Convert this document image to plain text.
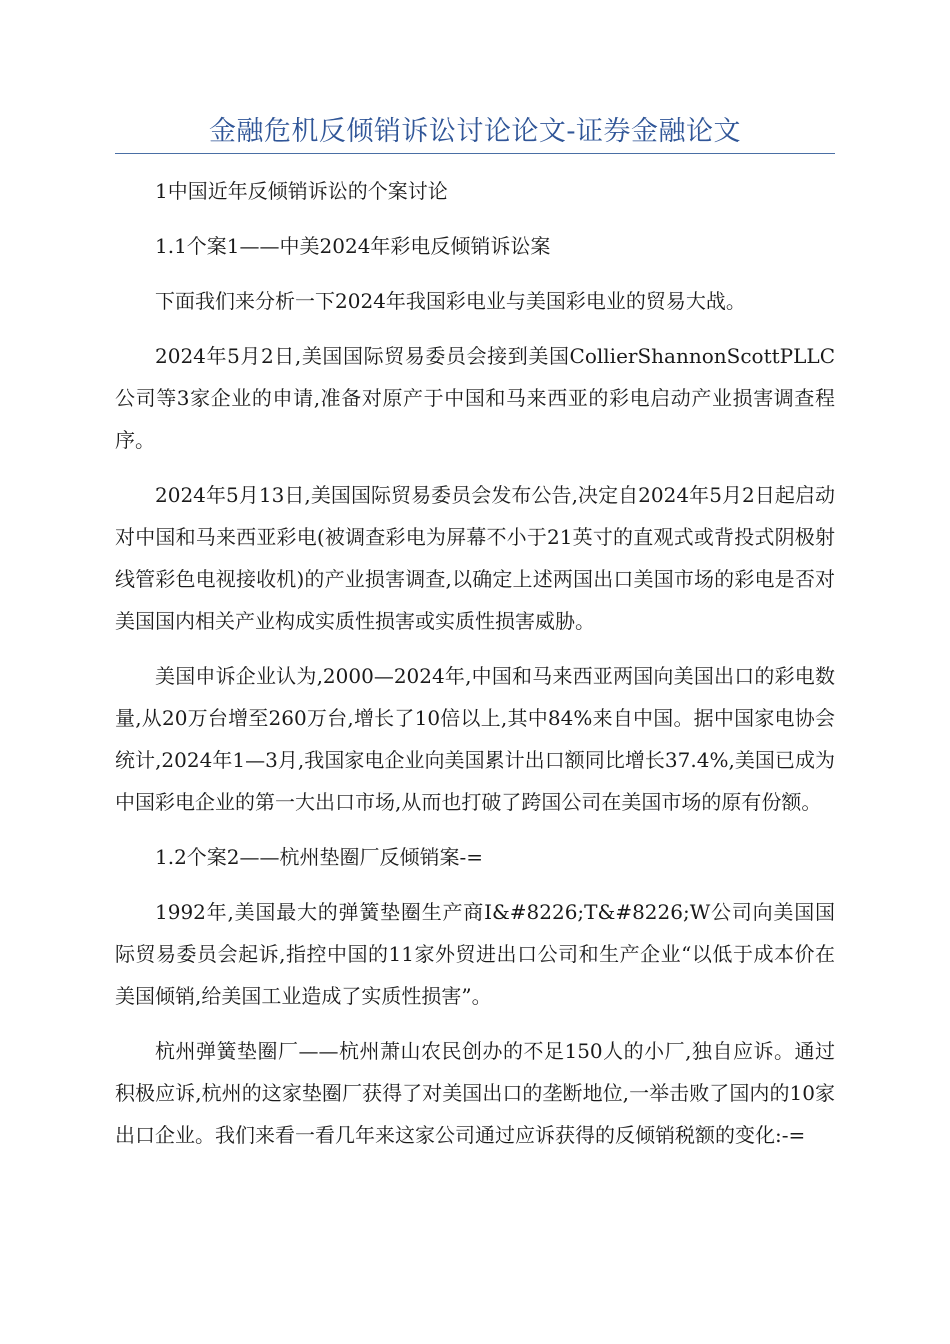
金融危机反倾销诉讼讨论论文-证券金融论文

1中国近年反倾销诉讼的个案讨论

1.1个案1——中美2024年彩电反倾销诉讼案

下面我们来分析一下2024年我国彩电业与美国彩电业的贸易大战。

2024年5月2日,美国国际贸易委员会接到美国CollierShannonScottPLLC公司等3家企业的申请,准备对原产于中国和马来西亚的彩电启动产业损害调查程序。

2024年5月13日,美国国际贸易委员会发布公告,决定自2024年5月2日起启动对中国和马来西亚彩电(被调查彩电为屏幕不小于21英寸的直观式或背投式阴极射线管彩色电视接收机)的产业损害调查,以确定上述两国出口美国市场的彩电是否对美国国内相关产业构成实质性损害或实质性损害威胁。

美国申诉企业认为,2000—2024年,中国和马来西亚两国向美国出口的彩电数量,从20万台增至260万台,增长了10倍以上,其中84%来自中国。据中国家电协会统计,2024年1—3月,我国家电企业向美国累计出口额同比增长37.4%,美国已成为中国彩电企业的第一大出口市场,从而也打破了跨国公司在美国市场的原有份额。

1.2个案2——杭州垫圈厂反倾销案-=

1992年,美国最大的弹簧垫圈生产商I&#8226;T&#8226;W公司向美国国际贸易委员会起诉,指控中国的11家外贸进出口公司和生产企业“以低于成本价在美国倾销,给美国工业造成了实质性损害”。

杭州弹簧垫圈厂——杭州萧山农民创办的不足150人的小厂,独自应诉。通过积极应诉,杭州的这家垫圈厂获得了对美国出口的垄断地位,一举击败了国内的10家出口企业。我们来看一看几年来这家公司通过应诉获得的反倾销税额的变化:-=
